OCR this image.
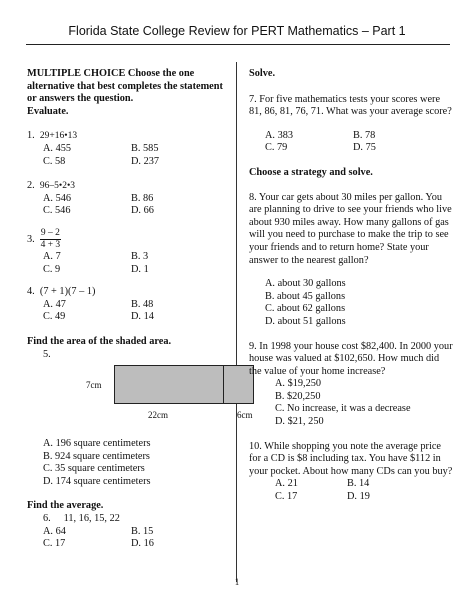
Florida State College Review for PERT Mathematics – Part 1
MULTIPLE CHOICE Choose the one alternative that best completes the statement or answers the question.
Evaluate.
1. 29+16•13
A. 455	B. 585
C. 58	D. 237
2. 96–5•2•3
A. 546	B. 86
C. 546	D. 66
3. $\frac{9 - 2}{4 + 3}$
A. 7	B. 3
C. 9	D. 1
4. (7 + 1)(7 – 1)
A. 47	B. 48
C. 49	D. 14
Find the area of the shaded area.
5.
7cm
22cm	6cm
A. 196 square centimeters
B. 924 square centimeters
C. 35 square centimeters
D. 174 square centimeters
Find the average.
6. 11, 16, 15, 22
A. 64	B. 15
C. 17	D. 16
Solve.
7. For five mathematics tests your scores were 81, 86, 81, 76, 71. What was your average score?
A. 383	B. 78
C. 79	D. 75
Choose a strategy and solve.
8. Your car gets about 30 miles per gallon. You are planning to drive to see your friends who live about 930 miles away. How many gallons of gas will you need to purchase to make the trip to see your friends and to return home? State your answer to the nearest gallon?
A. about 30 gallons
B. about 45 gallons
C. about 62 gallons
D. about 51 gallons
9. In 1998 your house cost $82,400. In 2000 your house was valued at $102,650. How much did the value of your home increase?
A. $19,250
B. $20,250
C. No increase, it was a decrease
D. $21, 250
10. While shopping you note the average price for a CD is $8 including tax. You have $112 in your pocket. About how many CDs can you buy?
A. 21	B. 14
C. 17	D. 19
1
